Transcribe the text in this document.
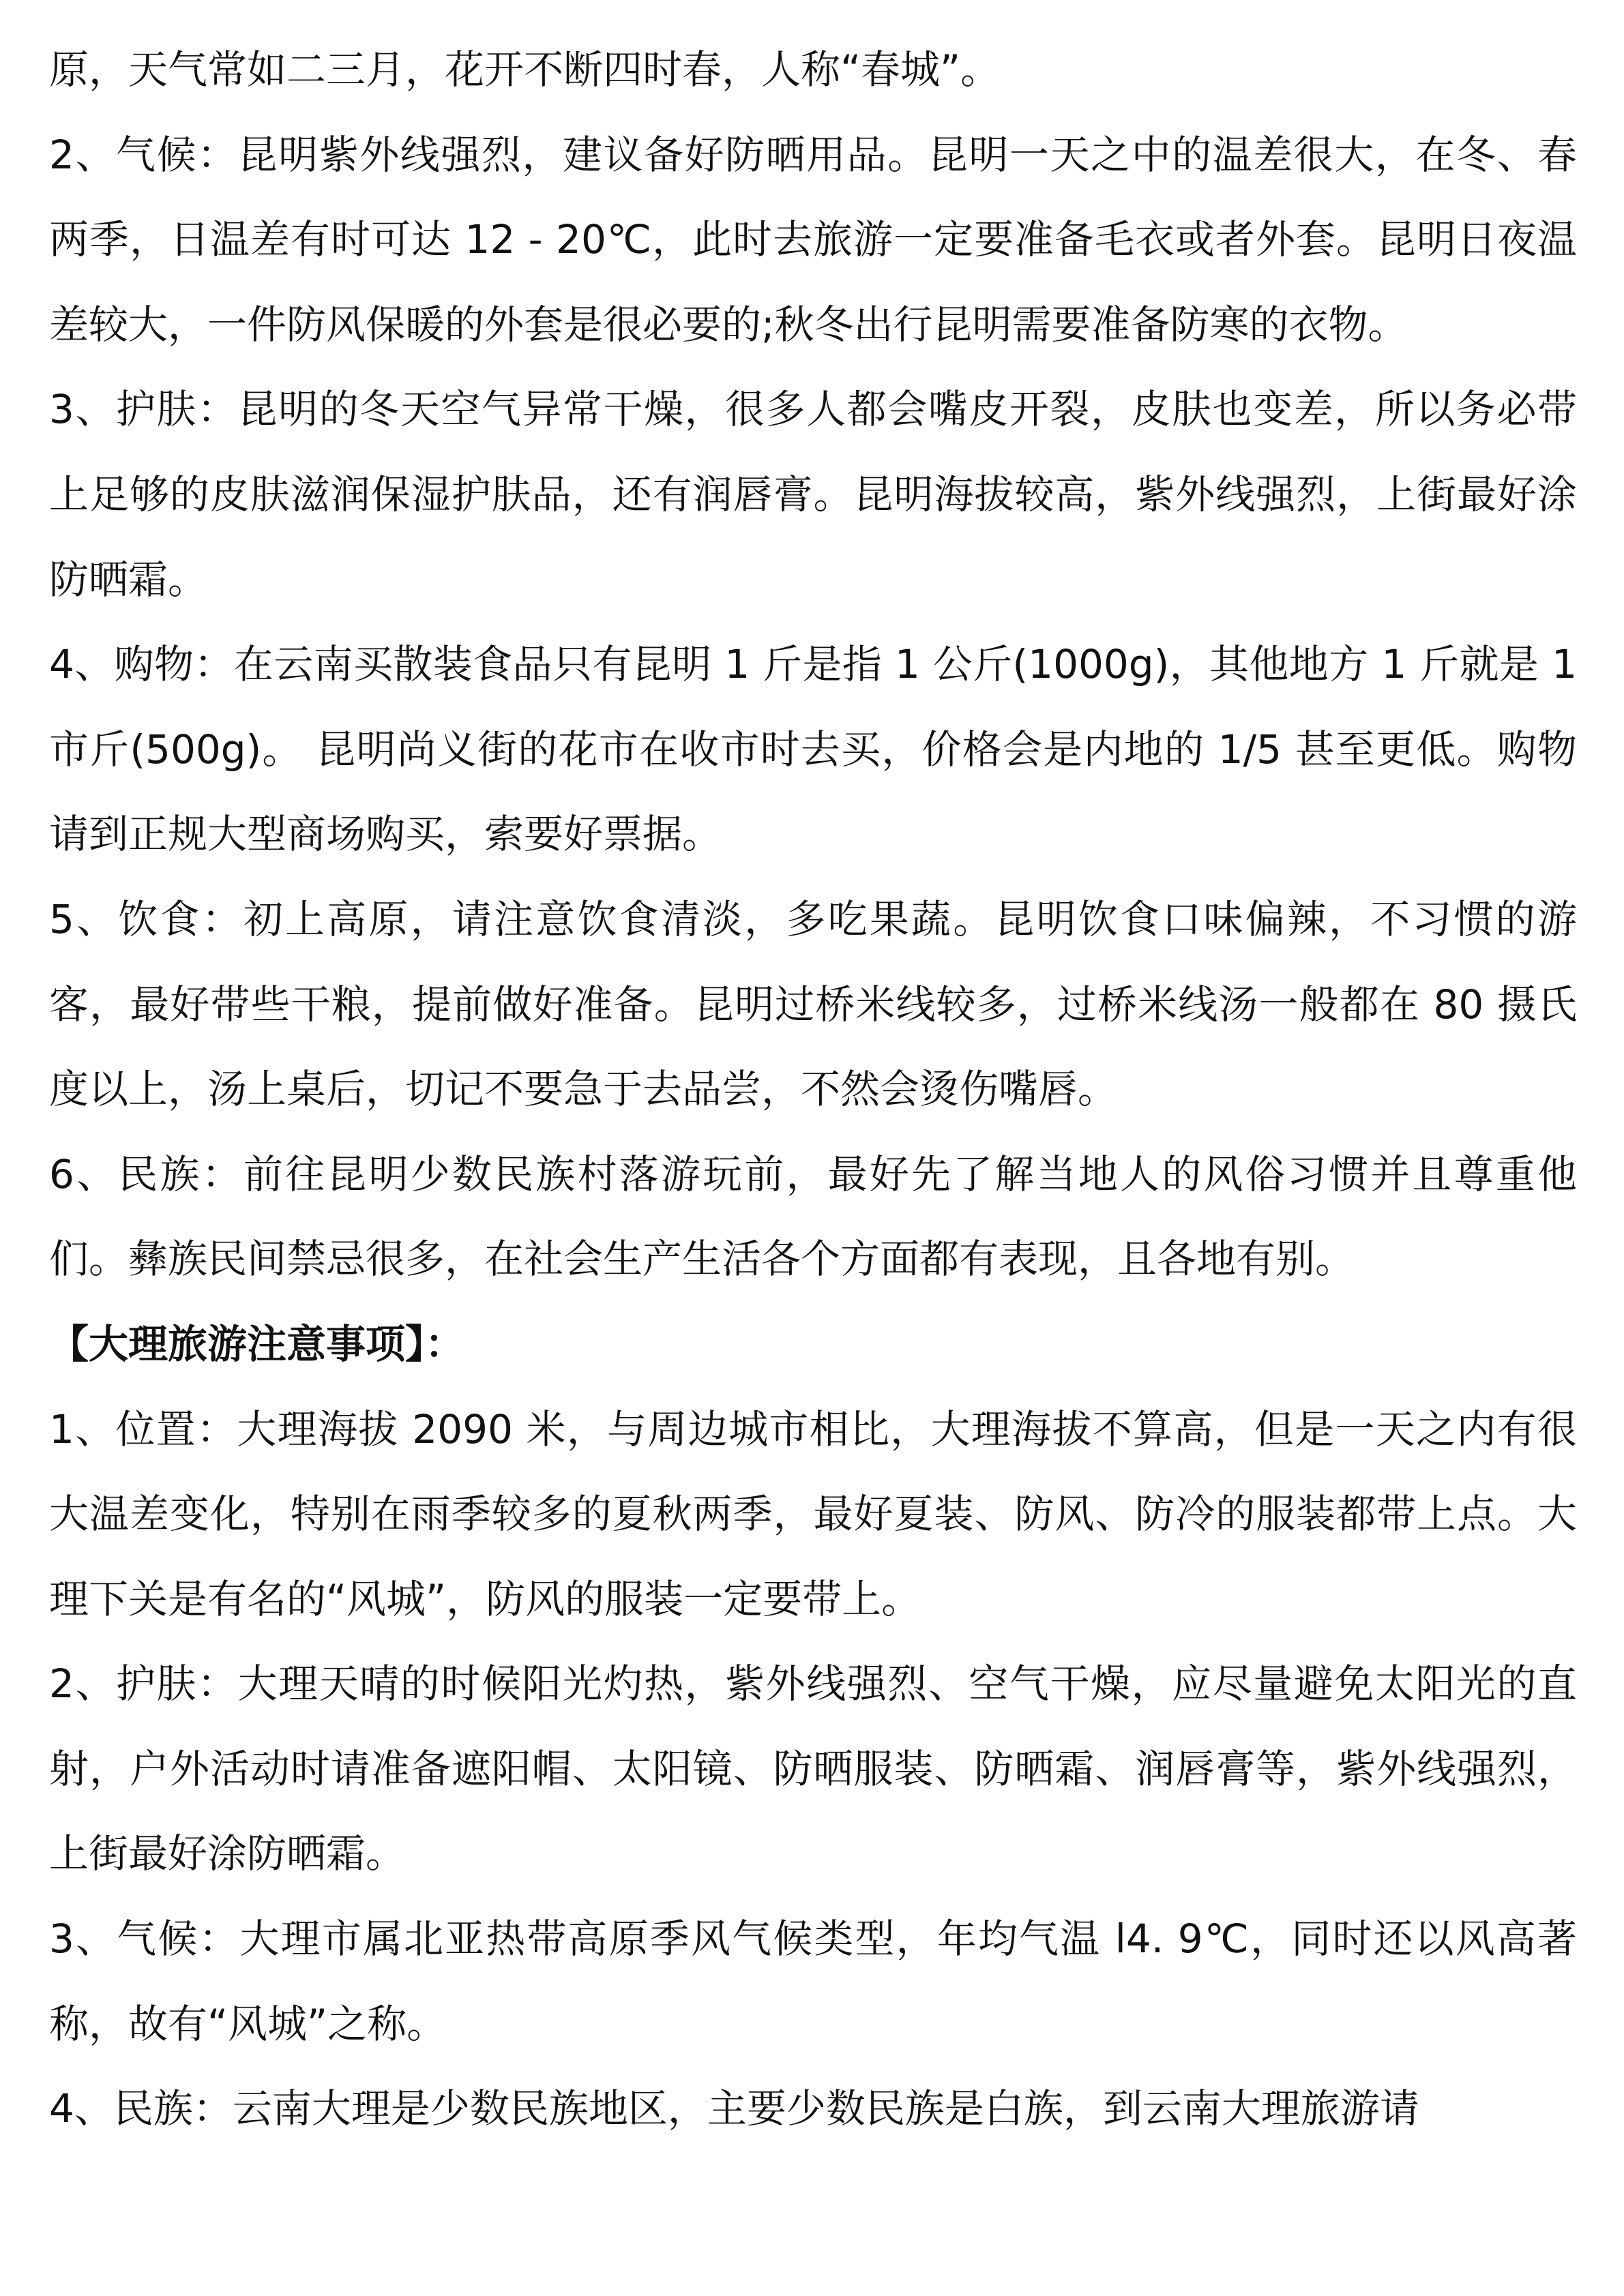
原，天气常如二三月，花开不断四时春，人称“春城”。

2、气候：昆明紫外线强烈，建议备好防晒用品。昆明一天之中的温差很大，在冬、春两季，日温差有时可达 12 - 20℃，此时去旅游一定要准备毛衣或者外套。昆明日夜温差较大，一件防风保暖的外套是很必要的;秋冬出行昆明需要准备防寒的衣物。

3、护肤：昆明的冬天空气异常干燥，很多人都会嘴皮开裂，皮肤也变差，所以务必带上足够的皮肤滋润保湿护肤品，还有润唇膏。昆明海拔较高，紫外线强烈，上街最好涂防晒霜。

4、购物：在云南买散装食品只有昆明 1 斤是指 1 公斤(1000g)，其他地方 1 斤就是 1 市斤(500g)。 昆明尚义街的花市在收市时去买，价格会是内地的 1/5 甚至更低。购物请到正规大型商场购买，索要好票据。

5、饮食：初上高原，请注意饮食清淡，多吃果蔬。昆明饮食口味偏辣，不习惯的游客，最好带些干粮，提前做好准备。昆明过桥米线较多，过桥米线汤一般都在 80 摄氏度以上，汤上桌后，切记不要急于去品尝，不然会烫伤嘴唇。

6、民族：前往昆明少数民族村落游玩前，最好先了解当地人的风俗习惯并且尊重他们。彝族民间禁忌很多，在社会生产生活各个方面都有表现，且各地有别。

【大理旅游注意事项】：

1、位置：大理海拔 2090 米，与周边城市相比，大理海拔不算高，但是一天之内有很大温差变化，特别在雨季较多的夏秋两季，最好夏装、防风、防冷的服装都带上点。大理下关是有名的“风城”，防风的服装一定要带上。

2、护肤：大理天晴的时候阳光灼热，紫外线强烈、空气干燥，应尽量避免太阳光的直射，户外活动时请准备遮阳帽、太阳镜、防晒服装、防晒霜、润唇膏等，紫外线强烈，上街最好涂防晒霜。

3、气候：大理市属北亚热带高原季风气候类型，年均气温 l4. 9℃，同时还以风高著称，故有“风城”之称。

4、民族：云南大理是少数民族地区，主要少数民族是白族，到云南大理旅游请
